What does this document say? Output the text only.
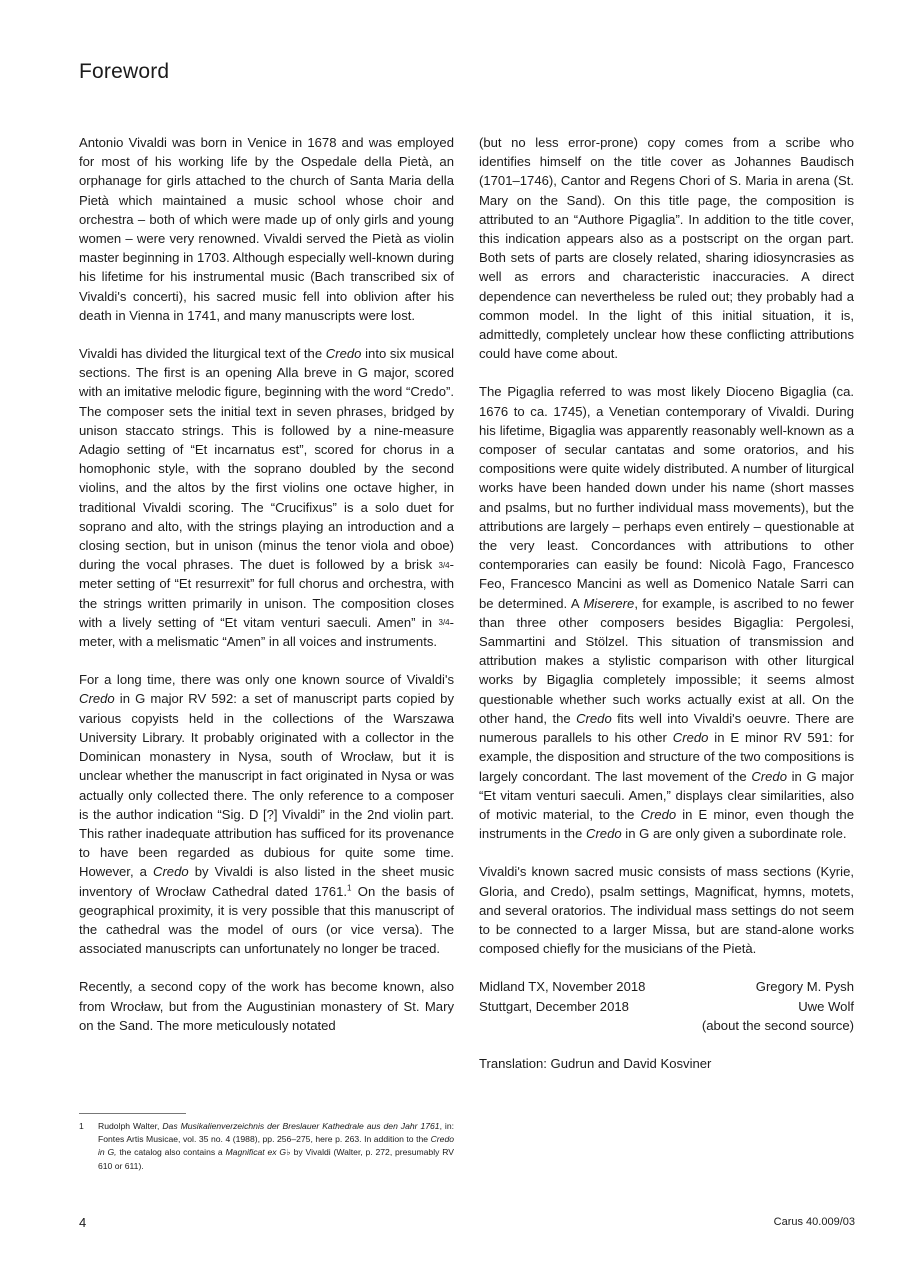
Foreword

Antonio Vivaldi was born in Venice in 1678 and was employed for most of his working life by the Ospedale della Pietà, an orphanage for girls attached to the church of Santa Maria della Pietà which maintained a music school whose choir and orchestra – both of which were made up of only girls and young women – were very renowned. Vivaldi served the Pietà as violin master beginning in 1703. Although especially well-known during his lifetime for his instrumental music (Bach transcribed six of Vivaldi's concerti), his sacred music fell into oblivion after his death in Vienna in 1741, and many manuscripts were lost.

Vivaldi has divided the liturgical text of the Credo into six musical sections. The first is an opening Alla breve in G major, scored with an imitative melodic figure, beginning with the word “Credo”. The composer sets the initial text in seven phrases, bridged by unison staccato strings. This is followed by a nine-measure Adagio setting of “Et incarnatus est”, scored for chorus in a homophonic style, with the soprano doubled by the second violins, and the altos by the first violins one octave higher, in traditional Vivaldi scoring. The “Crucifixus” is a solo duet for soprano and alto, with the strings playing an introduction and a closing section, but in unison (minus the tenor viola and oboe) during the vocal phrases. The duet is followed by a brisk 3/4-meter setting of “Et resurrexit” for full chorus and orchestra, with the strings written primarily in unison. The composition closes with a lively setting of “Et vitam venturi saeculi. Amen” in 3/4-meter, with a melismatic “Amen” in all voices and instruments.

For a long time, there was only one known source of Vivaldi's Credo in G major RV 592: a set of manuscript parts copied by various copyists held in the collections of the Warszawa University Library. It probably originated with a collector in the Dominican monastery in Nysa, south of Wrocław, but it is unclear whether the manuscript in fact originated in Nysa or was actually only collected there. The only reference to a composer is the author indication “Sig. D [?] Vivaldi” in the 2nd violin part. This rather inadequate attribution has sufficed for its provenance to have been regarded as dubious for quite some time. However, a Credo by Vivaldi is also listed in the sheet music inventory of Wrocław Cathedral dated 1761.$^1$ On the basis of geographical proximity, it is very possible that this manuscript of the cathedral was the model of ours (or vice versa). The associated manuscripts can unfortunately no longer be traced.

Recently, a second copy of the work has become known, also from Wrocław, but from the Augustinian monastery of St. Mary on the Sand. The more meticulously notated

(but no less error-prone) copy comes from a scribe who identifies himself on the title cover as Johannes Baudisch (1701–1746), Cantor and Regens Chori of S. Maria in arena (St. Mary on the Sand). On this title page, the composition is attributed to an “Authore Pigaglia”. In addition to the title cover, this indication appears also as a postscript on the organ part. Both sets of parts are closely related, sharing idiosyncrasies as well as errors and characteristic inaccuracies. A direct dependence can nevertheless be ruled out; they probably had a common model. In the light of this initial situation, it is, admittedly, completely unclear how these conflicting attributions could have come about.

The Pigaglia referred to was most likely Dioceno Bigaglia (ca. 1676 to ca. 1745), a Venetian contemporary of Vivaldi. During his lifetime, Bigaglia was apparently reasonably well-known as a composer of secular cantatas and some oratorios, and his compositions were quite widely distributed. A number of liturgical works have been handed down under his name (short masses and psalms, but no further individual mass movements), but the attributions are largely – perhaps even entirely – questionable at the very least. Concordances with attributions to other contemporaries can easily be found: Nicolà Fago, Francesco Feo, Francesco Mancini as well as Domenico Natale Sarri can be determined. A Miserere, for example, is ascribed to no fewer than three other composers besides Bigaglia: Pergolesi, Sammartini and Stölzel. This situation of transmission and attribution makes a stylistic comparison with other liturgical works by Bigaglia completely impossible; it seems almost questionable whether such works actually exist at all. On the other hand, the Credo fits well into Vivaldi's oeuvre. There are numerous parallels to his other Credo in E minor RV 591: for example, the disposition and structure of the two compositions is largely concordant. The last movement of the Credo in G major “Et vitam venturi saeculi. Amen,” displays clear similarities, also of motivic material, to the Credo in E minor, even though the instruments in the Credo in G are only given a subordinate role.

Vivaldi's known sacred music consists of mass sections (Kyrie, Gloria, and Credo), psalm settings, Magnificat, hymns, motets, and several oratorios. The individual mass settings do not seem to be connected to a larger Missa, but are stand-alone works composed chiefly for the musicians of the Pietà.

Midland TX, November 2018	Gregory M. Pysh
Stuttgart, December 2018	Uwe Wolf

(about the second source)

Translation: Gudrun and David Kosviner

1	Rudolph Walter, Das Musikalienverzeichnis der Breslauer Kathedrale aus den Jahr 1761, in: Fontes Artis Musicae, vol. 35 no. 4 (1988), pp. 256–275, here p. 263. In addition to the Credo in G, the catalog also contains a Magnificat ex G♭ by Vivaldi (Walter, p. 272, presumably RV 610 or 611).

4	Carus 40.009/03
